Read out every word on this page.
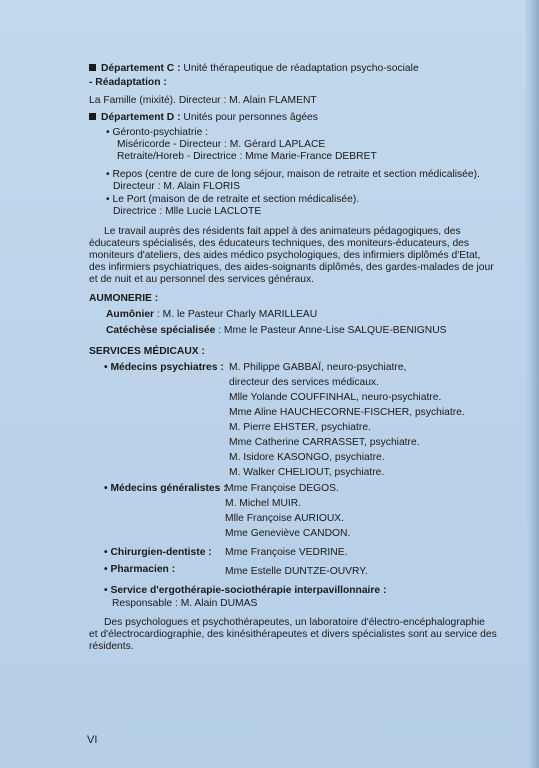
Département C : Unité thérapeutique de réadaptation psycho-sociale
- Réadaptation :
La Famille (mixité). Directeur : M. Alain FLAMENT
Département D : Unités pour personnes âgées
• Géronto-psychiatrie :
Miséricorde - Directeur : M. Gérard LAPLACE
Retraite/Horeb - Directrice : Mme Marie-France DEBRET
• Repos (centre de cure de long séjour, maison de retraite et section médicalisée).
Directeur : M. Alain FLORIS
• Le Port (maison de de retraite et section médicalisée).
Directrice : Mlle Lucie LACLOTE
Le travail auprès des résidents fait appel à des animateurs pédagogiques, des
éducateurs spécialisés, des éducateurs techniques, des moniteurs-éducateurs, des
moniteurs d'ateliers, des aides médico psychologiques, des infirmiers diplômés d'Etat,
des infirmiers psychiatriques, des aides-soignants diplômés, des gardes-malades de jour
et de nuit et au personnel des services généraux.
AUMONERIE :
Aumônier : M. le Pasteur Charly MARILLEAU
Catéchèse spécialisée : Mme le Pasteur Anne-Lise SALQUE-BENIGNUS
SERVICES MÉDICAUX :
• Médecins psychiatres : M. Philippe GABBAÏ, neuro-psychiatre,
directeur des services médicaux.
Mlle Yolande COUFFINHAL, neuro-psychiatre.
Mme Aline HAUCHECORNE-FISCHER, psychiatre.
M. Pierre EHSTER, psychiatre.
Mme Catherine CARRASSET, psychiatre.
M. Isidore KASONGO, psychiatre.
M. Walker CHELIOUT, psychiatre.
• Médecins généralistes :
Mme Françoise DEGOS.
M. Michel MUIR.
Mlle Françoise AURIOUX.
Mme Geneviève CANDON.
• Chirurgien-dentiste : Mme Françoise VEDRINE.
• Pharmacien :	Mme Estelle DUNTZE-OUVRY.
• Service d'ergothérapie-sociothérapie interpavillonnaire :
Responsable : M. Alain DUMAS
Des psychologues et psychothérapeutes, un laboratoire d'électro-encéphalographie
et d'électrocardiographie, des kinésithérapeutes et divers spécialistes sont au service des
résidents.
VI
